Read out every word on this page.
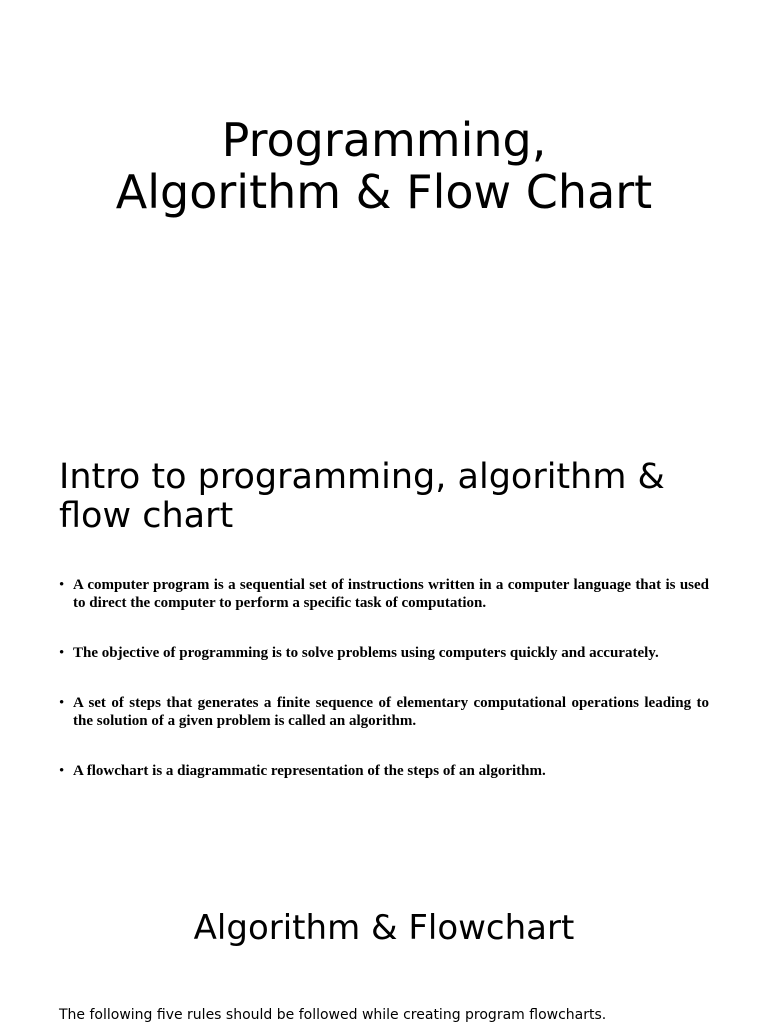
Programming,
Algorithm & Flow Chart
Intro to programming, algorithm & flow chart
• A computer program is a sequential set of instructions written in a computer language that is used to direct the computer to perform a specific task of computation.
• The objective of programming is to solve problems using computers quickly and accurately.
• A set of steps that generates a finite sequence of elementary computational operations leading to the solution of a given problem is called an algorithm.
• A flowchart is a diagrammatic representation of the steps of an algorithm.
Algorithm & Flowchart

The following five rules should be followed while creating program flowcharts.
